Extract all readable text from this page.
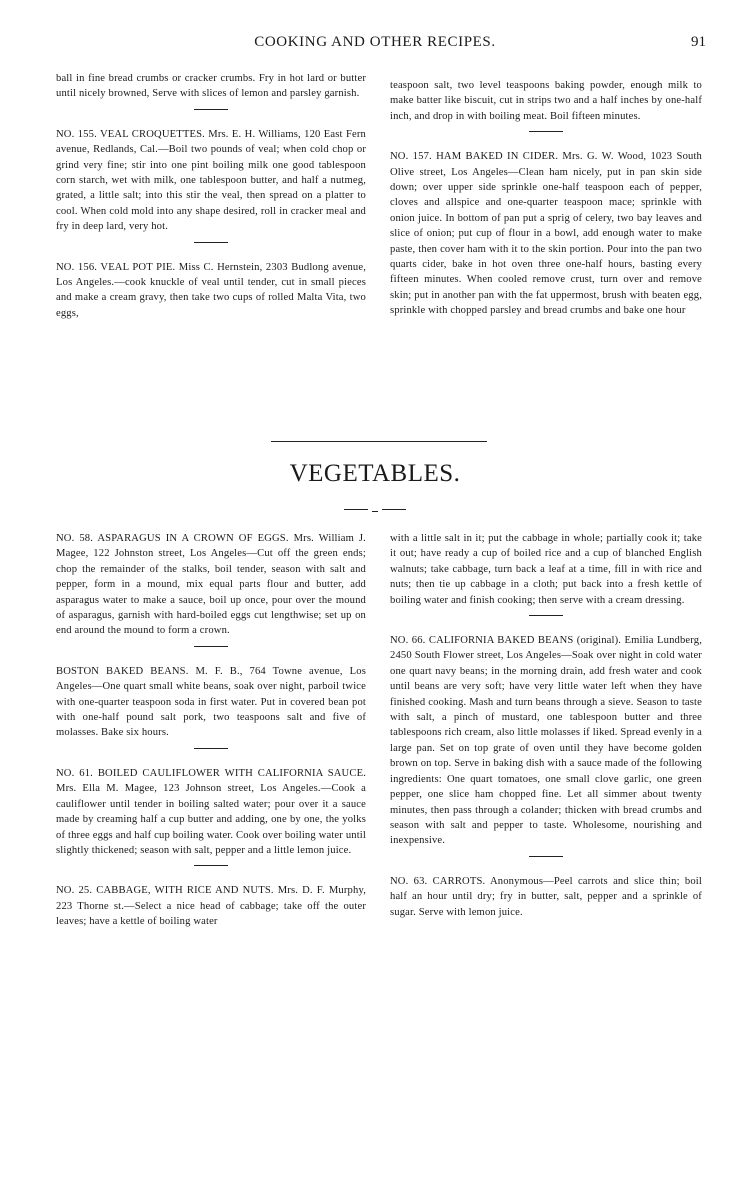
COOKING AND OTHER RECIPES.	91

ball in fine bread crumbs or cracker crumbs. Fry in hot lard or butter until nicely browned, Serve with slices of lemon and parsley garnish.

NO. 155. VEAL CROQUETTES. Mrs. E. H. Williams, 120 East Fern avenue, Redlands, Cal.—Boil two pounds of veal; when cold chop or grind very fine; stir into one pint boiling milk one good tablespoon corn starch, wet with milk, one tablespoon butter, and half a nutmeg, grated, a little salt; into this stir the veal, then spread on a platter to cool. When cold mold into any shape desired, roll in cracker meal and fry in deep lard, very hot.

NO. 156. VEAL POT PIE. Miss C. Hernstein, 2303 Budlong avenue, Los Angeles.—cook knuckle of veal until tender, cut in small pieces and make a cream gravy, then take two cups of rolled Malta Vita, two eggs,

teaspoon salt, two level teaspoons baking powder, enough milk to make batter like biscuit, cut in strips two and a half inches by one-half inch, and drop in with boiling meat. Boil fifteen minutes.

NO. 157. HAM BAKED IN CIDER. Mrs. G. W. Wood, 1023 South Olive street, Los Angeles—Clean ham nicely, put in pan skin side down; over upper side sprinkle one-half teaspoon each of pepper, cloves and allspice and one-quarter teaspoon mace; sprinkle with onion juice. In bottom of pan put a sprig of celery, two bay leaves and slice of onion; put cup of flour in a bowl, add enough water to make paste, then cover ham with it to the skin portion. Pour into the pan two quarts cider, bake in hot oven three one-half hours, basting every fifteen minutes. When cooled remove crust, turn over and remove skin; put in another pan with the fat uppermost, brush with beaten egg, sprinkle with chopped parsley and bread crumbs and bake one hour

VEGETABLES.

NO. 58. ASPARAGUS IN A CROWN OF EGGS. Mrs. William J. Magee, 122 Johnston street, Los Angeles—Cut off the green ends; chop the remainder of the stalks, boil tender, season with salt and pepper, form in a mound, mix equal parts flour and butter, add asparagus water to make a sauce, boil up once, pour over the mound of asparagus, garnish with hard-boiled eggs cut lengthwise; set up on end around the mound to form a crown.

BOSTON BAKED BEANS. M. F. B., 764 Towne avenue, Los Angeles—One quart small white beans, soak over night, parboil twice with one-quarter teaspoon soda in first water. Put in covered bean pot with one-half pound salt pork, two teaspoons salt and five of molasses. Bake six hours.

NO. 61. BOILED CAULIFLOWER WITH CALIFORNIA SAUCE. Mrs. Ella M. Magee, 123 Johnson street, Los Angeles.—Cook a cauliflower until tender in boiling salted water; pour over it a sauce made by creaming half a cup butter and adding, one by one, the yolks of three eggs and half cup boiling water. Cook over boiling water until slightly thickened; season with salt, pepper and a little lemon juice.

NO. 25. CABBAGE, WITH RICE AND NUTS. Mrs. D. F. Murphy, 223 Thorne st.—Select a nice head of cabbage; take off the outer leaves; have a kettle of boiling water

with a little salt in it; put the cabbage in whole; partially cook it; take it out; have ready a cup of boiled rice and a cup of blanched English walnuts; take cabbage, turn back a leaf at a time, fill in with rice and nuts; then tie up cabbage in a cloth; put back into a fresh kettle of boiling water and finish cooking; then serve with a cream dressing.

NO. 66. CALIFORNIA BAKED BEANS (original). Emilia Lundberg, 2450 South Flower street, Los Angeles—Soak over night in cold water one quart navy beans; in the morning drain, add fresh water and cook until beans are very soft; have very little water left when they have finished cooking. Mash and turn beans through a sieve. Season to taste with salt, a pinch of mustard, one tablespoon butter and three tablespoons rich cream, also little molasses if liked. Spread evenly in a large pan. Set on top grate of oven until they have become golden brown on top. Serve in baking dish with a sauce made of the following ingredients: One quart tomatoes, one small clove garlic, one green pepper, one slice ham chopped fine. Let all simmer about twenty minutes, then pass through a colander; thicken with bread crumbs and season with salt and pepper to taste. Wholesome, nourishing and inexpensive.

NO. 63. CARROTS. Anonymous—Peel carrots and slice thin; boil half an hour until dry; fry in butter, salt, pepper and a sprinkle of sugar. Serve with lemon juice.
